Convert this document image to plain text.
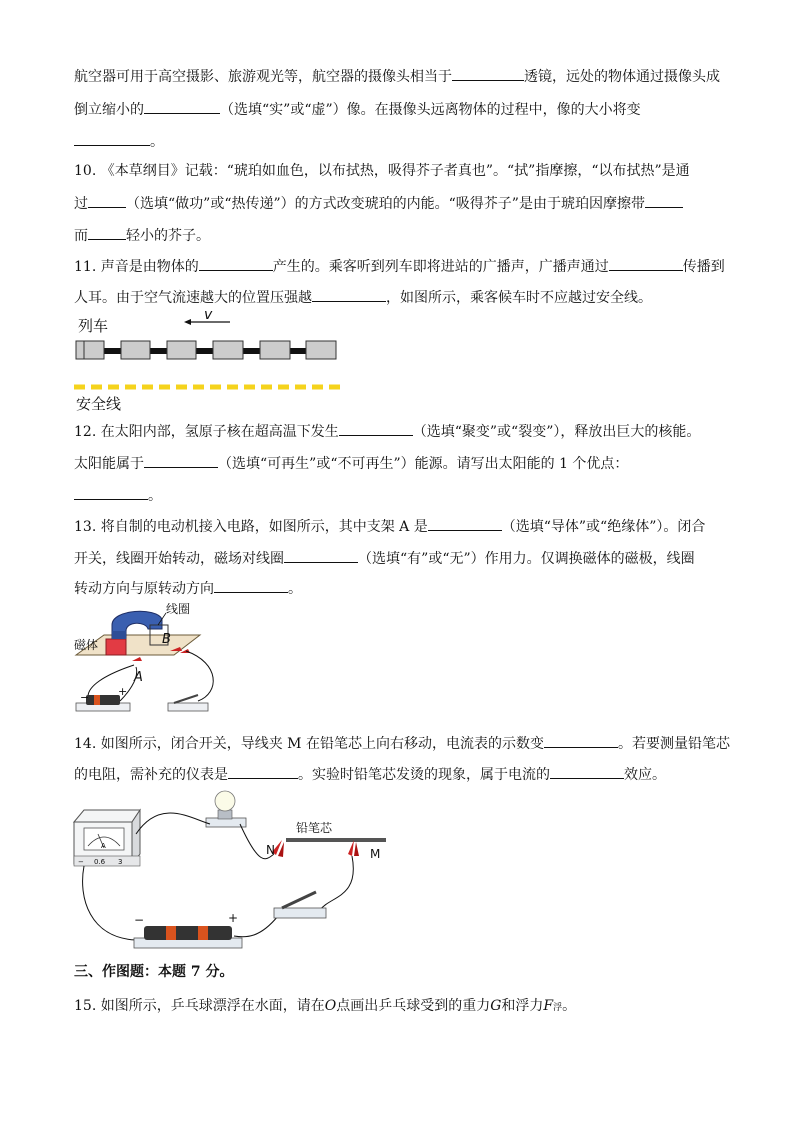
航空器可用于高空摄影、旅游观光等，航空器的摄像头相当于	透镜，远处的物体通过摄像头成
倒立缩小的	（选填“实”或“虚”）像。在摄像头远离物体的过程中，像的大小将变
。
10. 《本草纲目》记载：“琥珀如血色，以布拭热，吸得芥子者真也”。“拭”指摩擦，“以布拭热”是通
过	（选填“做功”或“热传递”）的方式改变琥珀的内能。“吸得芥子”是由于琥珀因摩擦带
而	轻小的芥子。
11. 声音是由物体的	产生的。乘客听到列车即将进站的广播声，广播声通过	传播到
人耳。由于空气流速越大的位置压强越	，如图所示，乘客候车时不应越过安全线。
列车
v
安全线
12. 在太阳内部，氢原子核在超高温下发生	（选填“聚变”或“裂变”），释放出巨大的核能。
太阳能属于	（选填“可再生”或“不可再生”）能源。请写出太阳能的 1 个优点：
。
13. 将自制的电动机接入电路，如图所示，其中支架 A 是	（选填“导体”或“绝缘体”）。闭合
开关，线圈开始转动，磁场对线圈	（选填“有”或“无”）作用力。仅调换磁体的磁极，线圈
转动方向与原转动方向	。
线圈
磁体	B
A
−	+
14. 如图所示，闭合开关，导线夹 M 在铅笔芯上向右移动，电流表的示数变	。若要测量铅笔芯
的电阻，需补充的仪表是	。实验时铅笔芯发烫的现象，属于电流的	效应。
A
− 0.6 3
铅笔芯
N	M
−	+
三、作图题：本题 7 分。
15. 如图所示，乒乓球漂浮在水面，请在O点画出乒乓球受到的重力G和浮力F浮。
